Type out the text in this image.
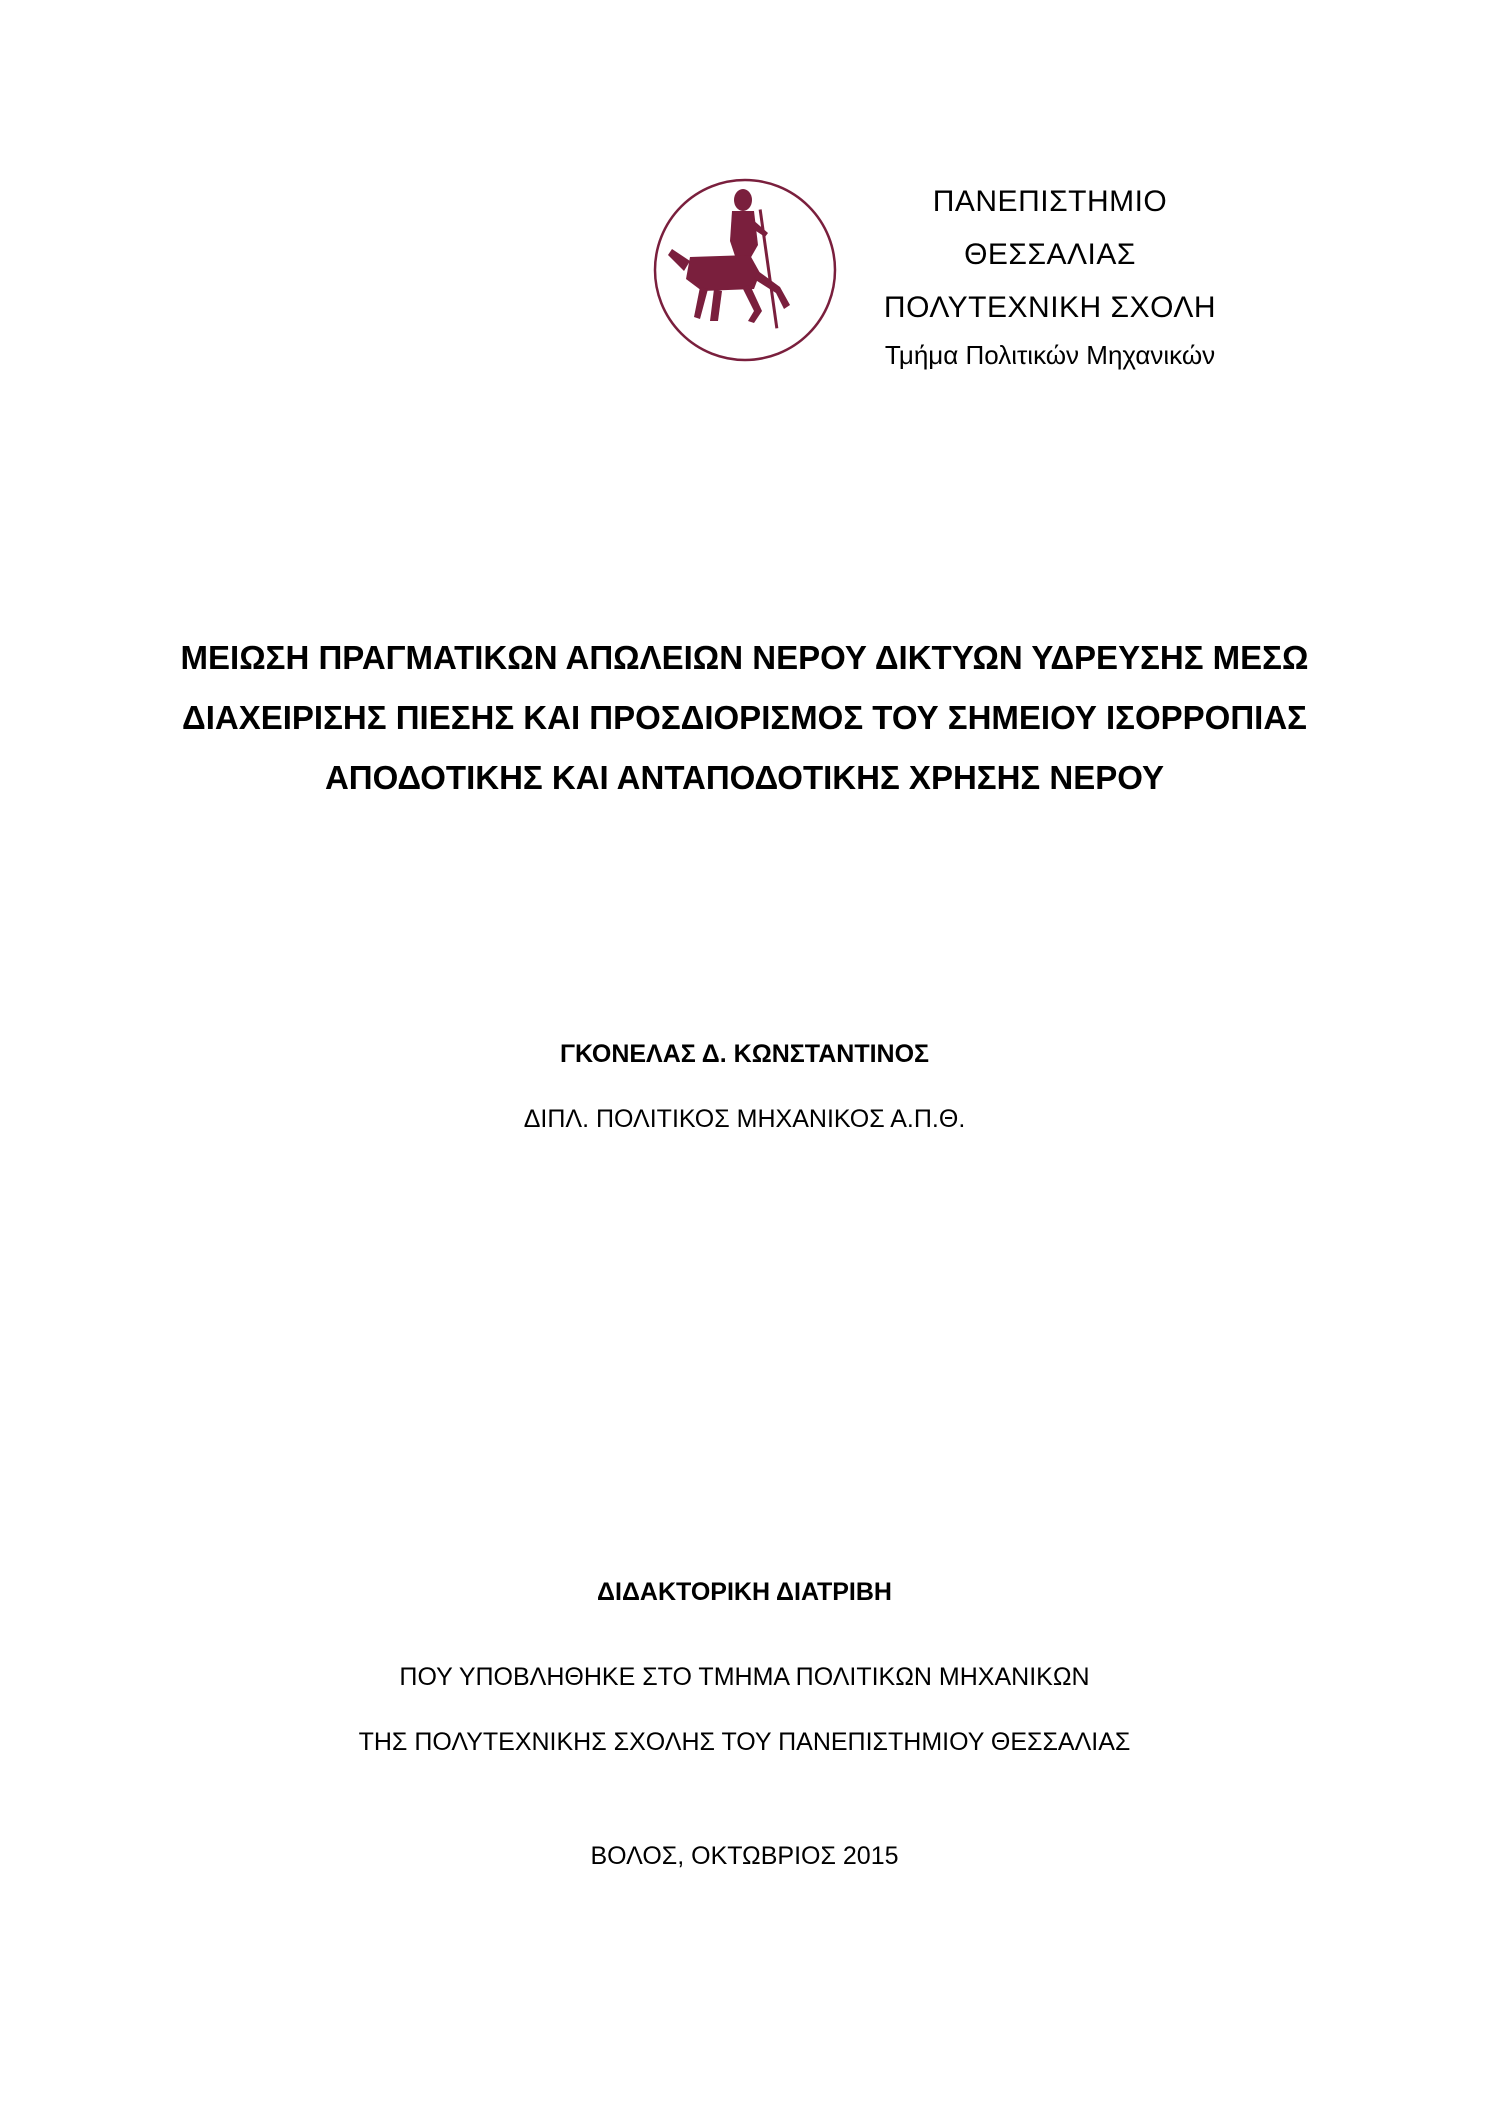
ΠΑΝΕΠΙΣΤΗΜΙΟ
ΘΕΣΣΑΛΙΑΣ
ΠΟΛΥΤΕΧΝΙΚΗ ΣΧΟΛΗ
Τμήμα Πολιτικών Μηχανικών
ΜΕΙΩΣΗ ΠΡΑΓΜΑΤΙΚΩΝ ΑΠΩΛΕΙΩΝ ΝΕΡΟΥ ΔΙΚΤΥΩΝ ΥΔΡΕΥΣΗΣ ΜΕΣΩ
ΔΙΑΧΕΙΡΙΣΗΣ ΠΙΕΣΗΣ ΚΑΙ ΠΡΟΣΔΙΟΡΙΣΜΟΣ ΤΟΥ ΣΗΜΕΙΟΥ ΙΣΟΡΡΟΠΙΑΣ
ΑΠΟΔΟΤΙΚΗΣ ΚΑΙ ΑΝΤΑΠΟΔΟΤΙΚΗΣ ΧΡΗΣΗΣ ΝΕΡΟΥ
ΓΚΟΝΕΛΑΣ Δ. ΚΩΝΣΤΑΝΤΙΝΟΣ
ΔΙΠΛ. ΠΟΛΙΤΙΚΟΣ ΜΗΧΑΝΙΚΟΣ Α.Π.Θ.
ΔΙΔΑΚΤΟΡΙΚΗ ΔΙΑΤΡΙΒΗ
ΠΟΥ ΥΠΟΒΛΗΘΗΚΕ ΣΤΟ ΤΜΗΜΑ ΠΟΛΙΤΙΚΩΝ ΜΗΧΑΝΙΚΩΝ
ΤΗΣ ΠΟΛΥΤΕΧΝΙΚΗΣ ΣΧΟΛΗΣ ΤΟΥ ΠΑΝΕΠΙΣΤΗΜΙΟΥ ΘΕΣΣΑΛΙΑΣ
ΒΟΛΟΣ, ΟΚΤΩΒΡΙΟΣ 2015
